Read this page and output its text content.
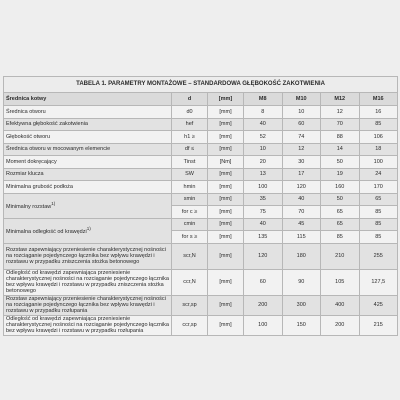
TABELA 1. PARAMETRY MONTAŻOWE – STANDARDOWA GŁĘBOKOŚĆ ZAKOTWIENIA						
Średnica kotwy	d	[mm]	M8	M10	M12	M16
Średnica otworu	d0	[mm]	8	10	12	16
Efektywna głębokość zakotwienia	hef	[mm]	40	60	70	85
Głębokość otworu	h1 ≥	[mm]	52	74	88	106
Średnica otworu w mocowanym elemencie	df ≤	[mm]	10	12	14	18
Moment dokręcający	Tinst	[Nm]	20	30	50	100
Rozmiar klucza	SW	[mm]	13	17	19	24
Minimalna grubość podłoża	hmin	[mm]	100	120	160	170
Minimalny rozstaw$^{1)}$	smin	[mm]	35	40	50	65
	for c ≥	[mm]	75	70	65	85
Minimalna odległość od krawędzi$^{1)}$	cmin	[mm]	40	45	65	85
	for s ≥	[mm]	135	115	85	85
Rozstaw zapewniający przeniesienie charakterystycznej nośności na rozciąganie pojedynczego łącznika bez wpływu krawędzi i rozstawu w przypadku zniszczenia stożka betonowego	scr,N	[mm]	120	180	210	255
Odległość od krawędzi zapewniająca przeniesienie charakterystycznej nośności na rozciąganie pojedynczego łącznika bez wpływu krawędzi i rozstawu w przypadku zniszczenia stożka betonowego	ccr,N	[mm]	60	90	105	127,5
Rozstaw zapewniający przeniesienie charakterystycznej nośności na rozciąganie pojedynczego łącznika bez wpływu krawędzi i rozstawu w przypadku rozłupania	scr,sp	[mm]	200	300	400	425
Odległość od krawędzi zapewniająca przeniesienie charakterystycznej nośności na rozciąganie pojedynczego łącznika bez wpływu krawędzi i rozstawu w przypadku rozłupania	ccr,sp	[mm]	100	150	200	215
